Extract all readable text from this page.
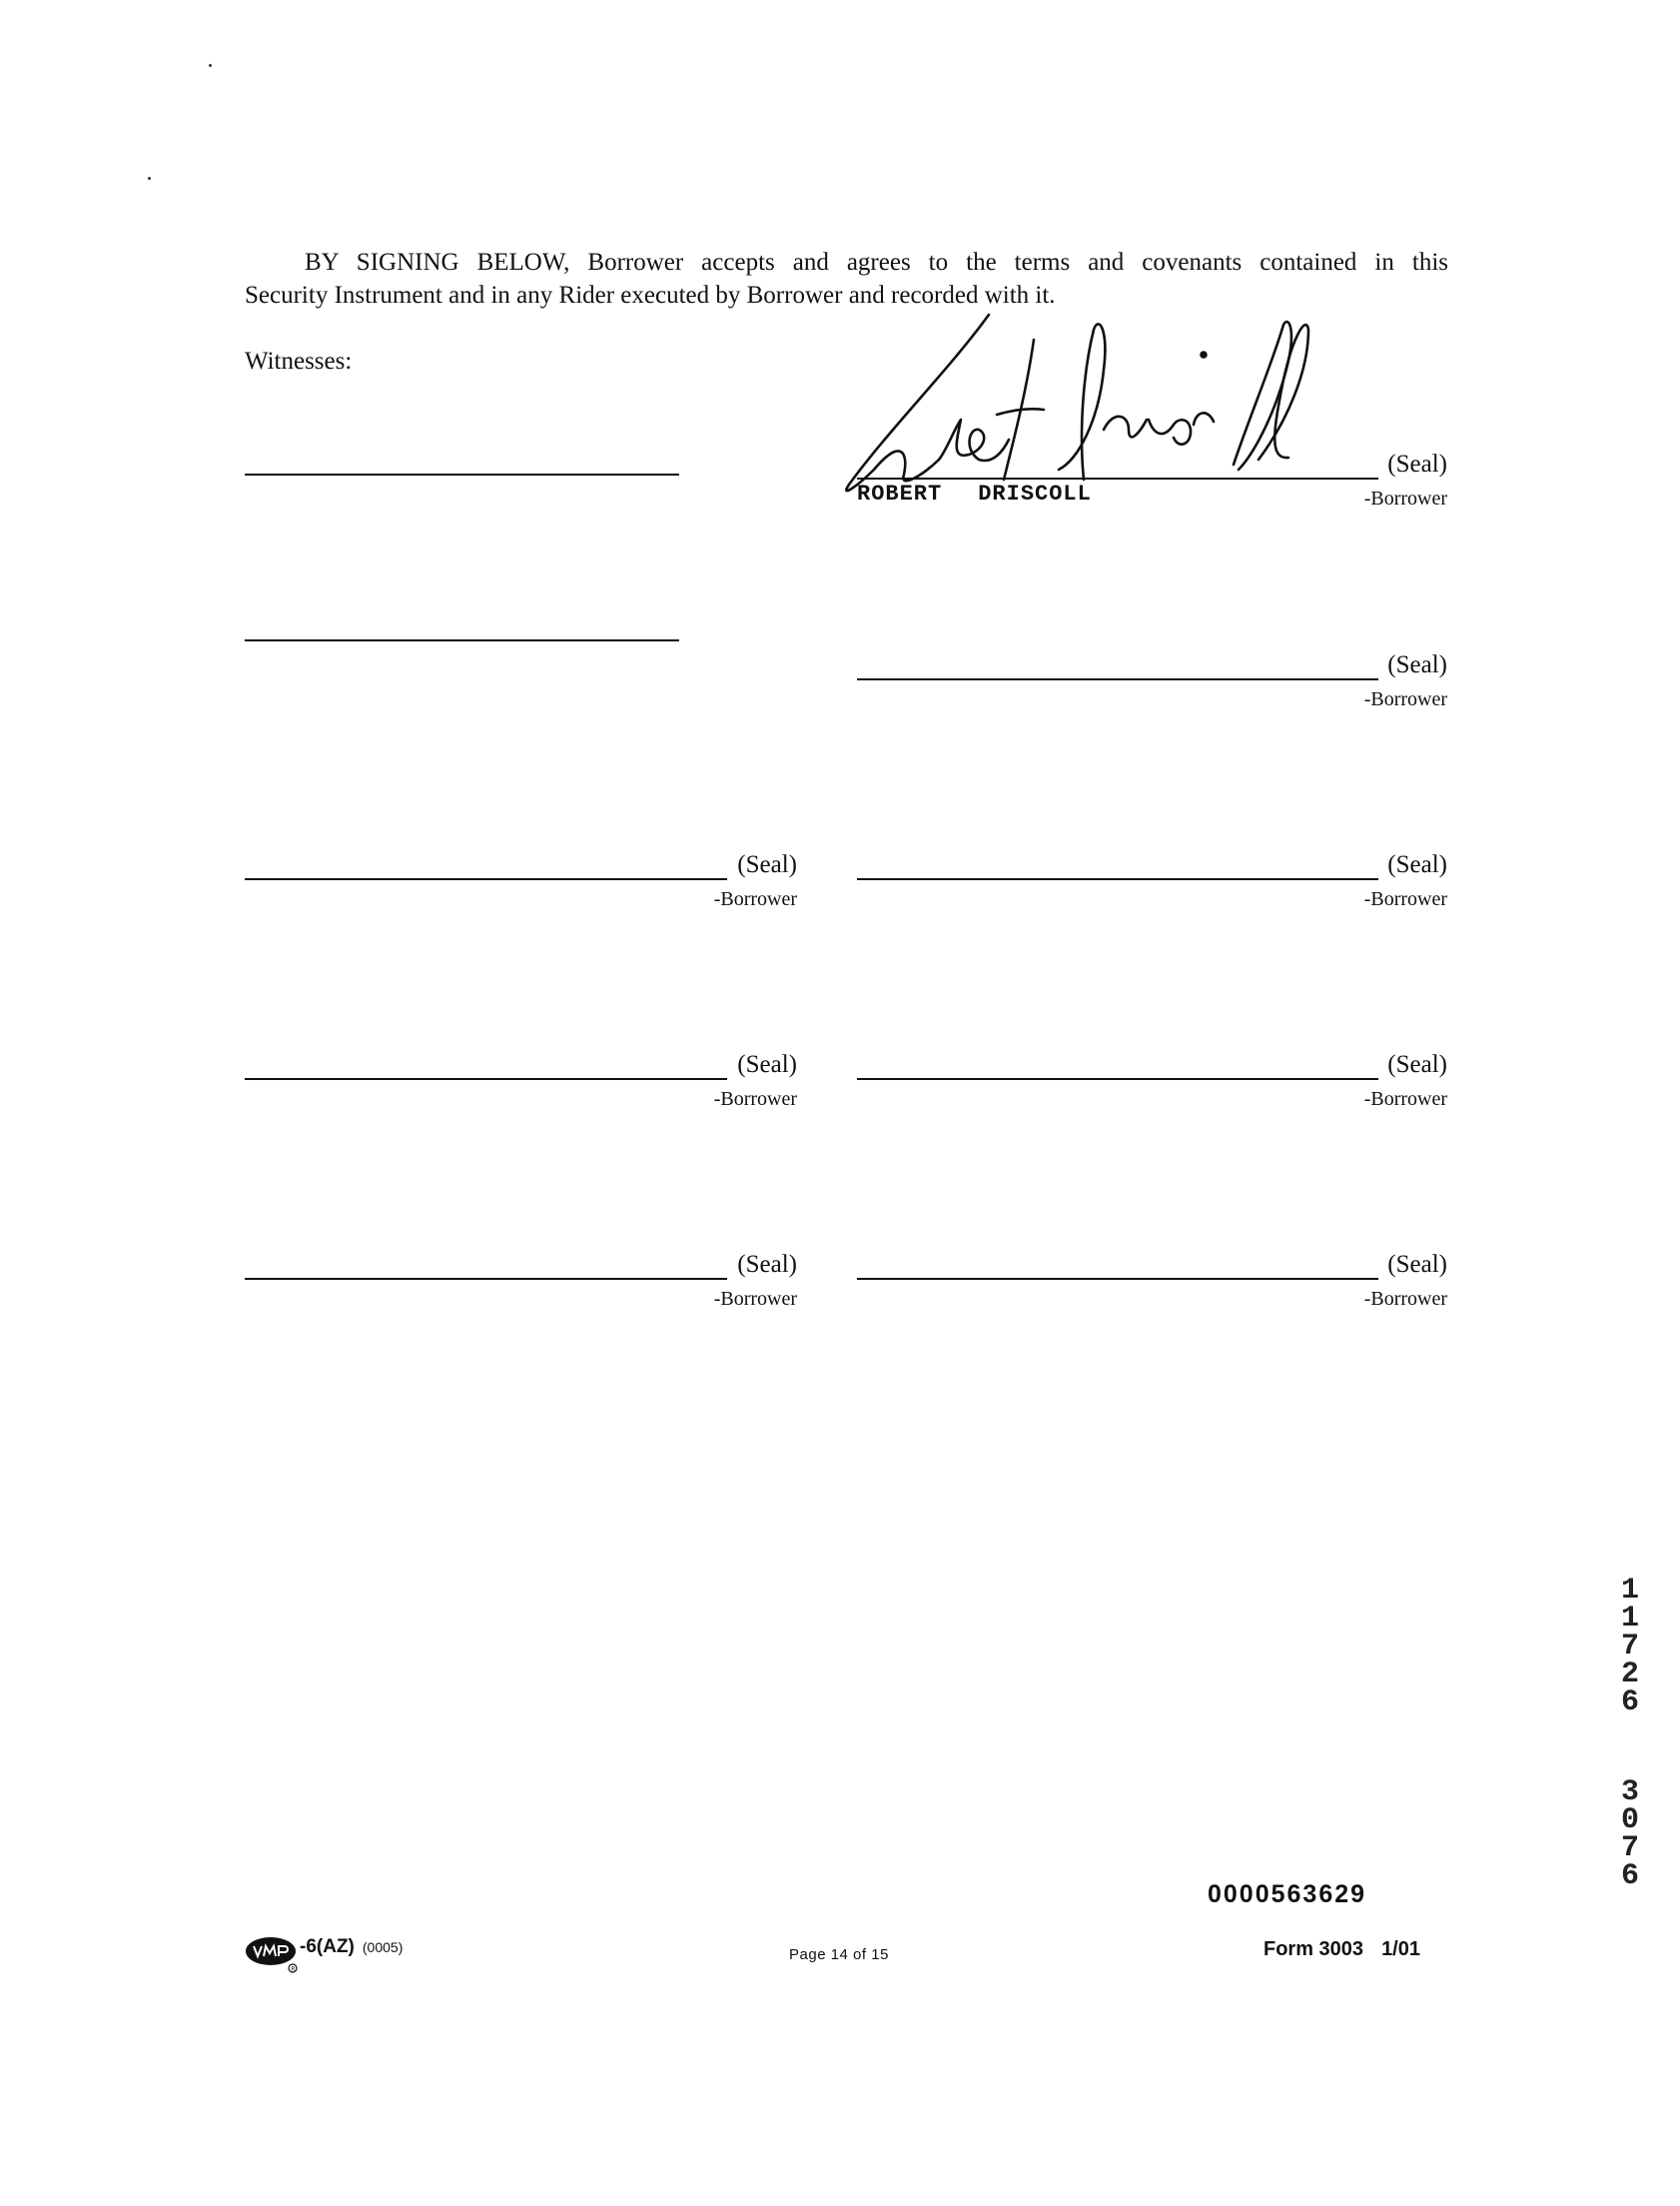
BY SIGNING BELOW, Borrower accepts and agrees to the terms and covenants contained in this
Security Instrument and in any Rider executed by Borrower and recorded with it.
Witnesses:
(Seal)
-Borrower
ROBERT DRISCOLL
(Seal)
-Borrower
(Seal)
-Borrower
(Seal)
-Borrower
(Seal)
-Borrower
(Seal)
-Borrower
(Seal)
-Borrower
(Seal)
-Borrower
0000563629
R
-6(AZ) (0005)	Page 14 of 15	Form 3003 1/01
11726
3076
